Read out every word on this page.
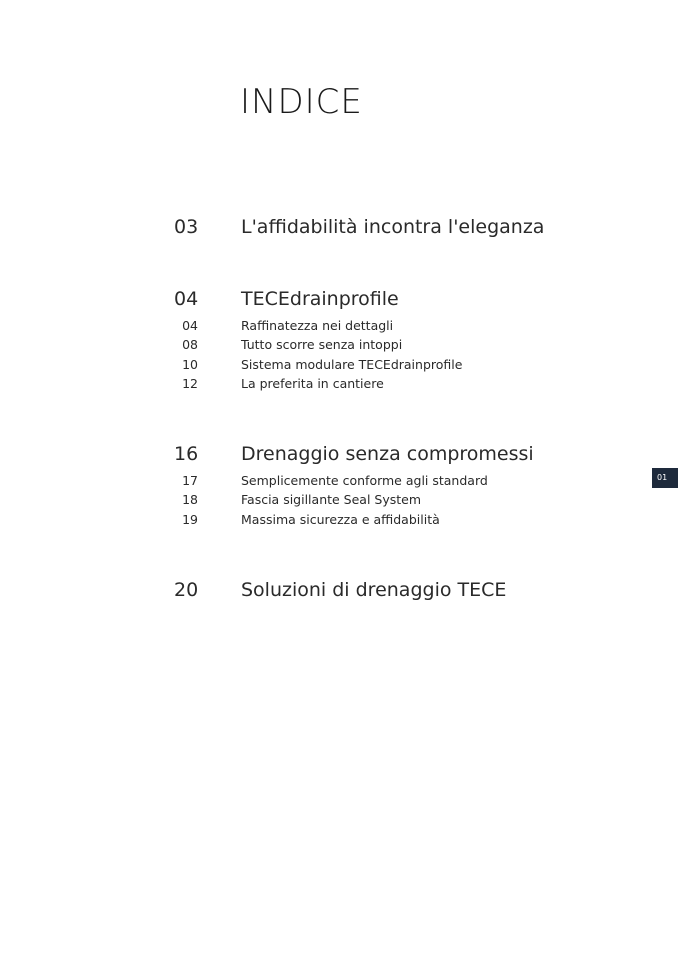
INDICE
03 L'affidabilità incontra l'eleganza
04 TECEdrainprofile
04	Raffinatezza nei dettagli
08	Tutto scorre senza intoppi
10	Sistema modulare TECEdrainprofile
12	La preferita in cantiere
16 Drenaggio senza compromessi
17	Semplicemente conforme agli standard
18	Fascia sigillante Seal System
19	Massima sicurezza e affidabilità
20 Soluzioni di drenaggio TECE
01
